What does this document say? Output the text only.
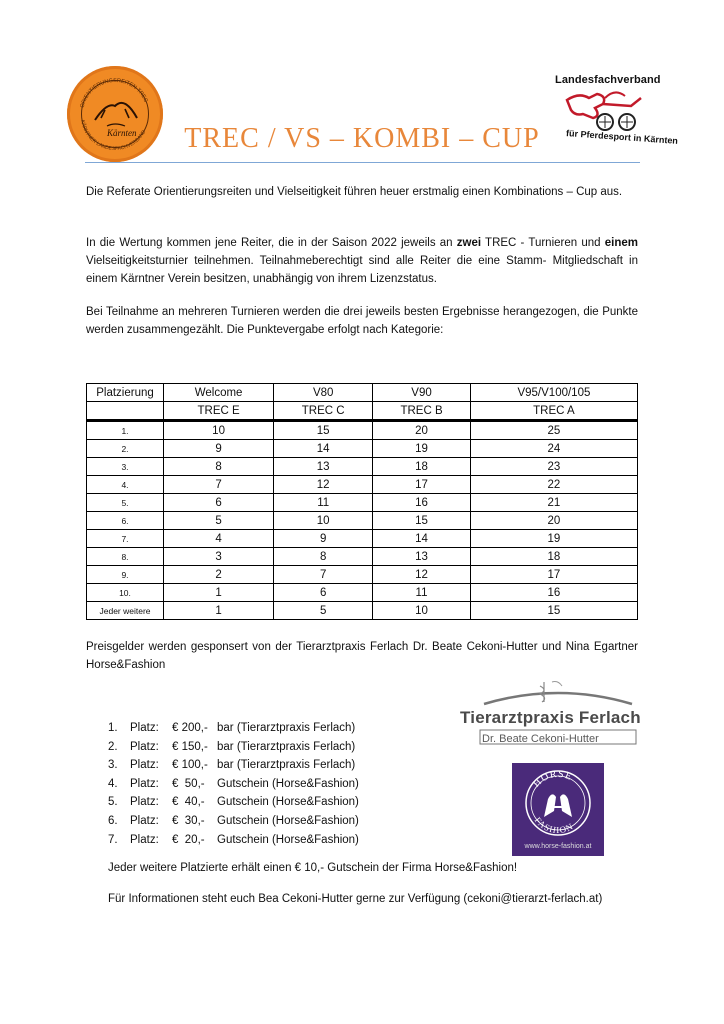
ORIENTIERUNGSREITEN TREC
KÄRNTNER LANDESFACHVERBAND
Kärnten
Landesfachverband
für Pferdesport in Kärnten
TREC / VS – KOMBI – CUP
Die Referate Orientierungsreiten und Vielseitigkeit führen heuer erstmalig einen Kombinations – Cup aus.
In die Wertung kommen jene Reiter, die in der Saison 2022 jeweils an zwei TREC - Turnieren und einem Vielseitigkeitsturnier teilnehmen. Teilnahmeberechtigt sind alle Reiter die eine Stamm- Mitgliedschaft in einem Kärntner Verein besitzen, unabhängig von ihrem Lizenzstatus.
Bei Teilnahme an mehreren Turnieren werden die drei jeweils besten Ergebnisse herangezogen, die Punkte werden zusammengezählt. Die Punktevergabe erfolgt nach Kategorie:
Platzierung	Welcome	V80	V90	V95/V100/105
	TREC E	TREC C	TREC B	TREC A
1.	10	15	20	25
2.	9	14	19	24
3.	8	13	18	23
4.	7	12	17	22
5.	6	11	16	21
6.	5	10	15	20
7.	4	9	14	19
8.	3	8	13	18
9.	2	7	12	17
10.	1	6	11	16
Jeder weitere	1	5	10	15
Preisgelder werden gesponsert von der Tierarztpraxis Ferlach Dr. Beate Cekoni-Hutter und Nina Egartner Horse&Fashion
1.	Platz:	€ 200,- bar (Tierarztpraxis Ferlach)
2.	Platz:	€ 150,- bar (Tierarztpraxis Ferlach)
3.	Platz:	€ 100,- bar (Tierarztpraxis Ferlach)
4.	Platz:	€  50,-	Gutschein (Horse&Fashion)
5.	Platz:	€  40,-	Gutschein (Horse&Fashion)
6.	Platz:	€  30,-	Gutschein (Horse&Fashion)
7.	Platz:	€  20,-	Gutschein (Horse&Fashion)
Jeder weitere Platzierte erhält einen € 10,- Gutschein der Firma Horse&Fashion!
Für Informationen steht euch Bea Cekoni-Hutter gerne zur Verfügung (cekoni@tierarzt-ferlach.at)
Tierarztpraxis Ferlach
Dr. Beate Cekoni-Hutter
HORSE
FASHION
www.horse-fashion.at
